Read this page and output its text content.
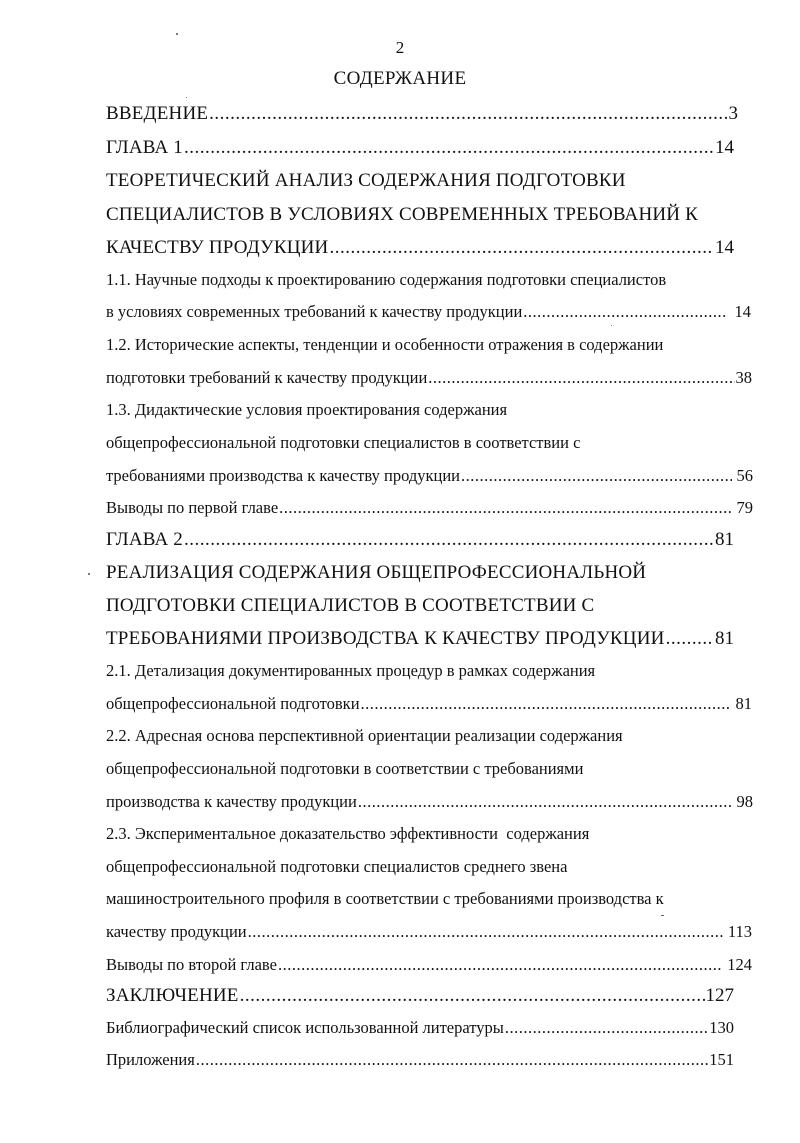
2
СОДЕРЖАНИЕ
ВВЕДЕНИЕ .....	3
ГЛАВА 1 .....	14
ТЕОРЕТИЧЕСКИЙ АНАЛИЗ СОДЕРЖАНИЯ ПОДГОТОВКИ
СПЕЦИАЛИСТОВ В УСЛОВИЯХ СОВРЕМЕННЫХ ТРЕБОВАНИЙ К
КАЧЕСТВУ ПРОДУКЦИИ .....	14
1.1. Научные подходы к проектированию содержания подготовки специалистов
в условиях современных требований к качеству продукции .....	14
1.2. Исторические аспекты, тенденции и особенности отражения в содержании
подготовки требований к качеству продукции .....	38
1.3. Дидактические условия проектирования содержания
общепрофессиональной подготовки специалистов в соответствии с
требованиями производства к качеству продукции .....	56
Выводы по первой главе .....	79
ГЛАВА 2 .....	81
РЕАЛИЗАЦИЯ СОДЕРЖАНИЯ ОБЩЕПРОФЕССИОНАЛЬНОЙ
ПОДГОТОВКИ СПЕЦИАЛИСТОВ В СООТВЕТСТВИИ С
ТРЕБОВАНИЯМИ ПРОИЗВОДСТВА К КАЧЕСТВУ ПРОДУКЦИИ .....	81
2.1. Детализация документированных процедур в рамках содержания
общепрофессиональной подготовки .....	81
2.2. Адресная основа перспективной ориентации реализации содержания
общепрофессиональной подготовки в соответствии с требованиями
производства к качеству продукции .....	98
2.3. Экспериментальное доказательство эффективности  содержания
общепрофессиональной подготовки специалистов среднего звена
машиностроительного профиля в соответствии с требованиями производства к
качеству продукции .....	113
Выводы по второй главе .....	124
ЗАКЛЮЧЕНИЕ .....	127
Библиографический список использованной литературы .....	130
Приложения .....	151
